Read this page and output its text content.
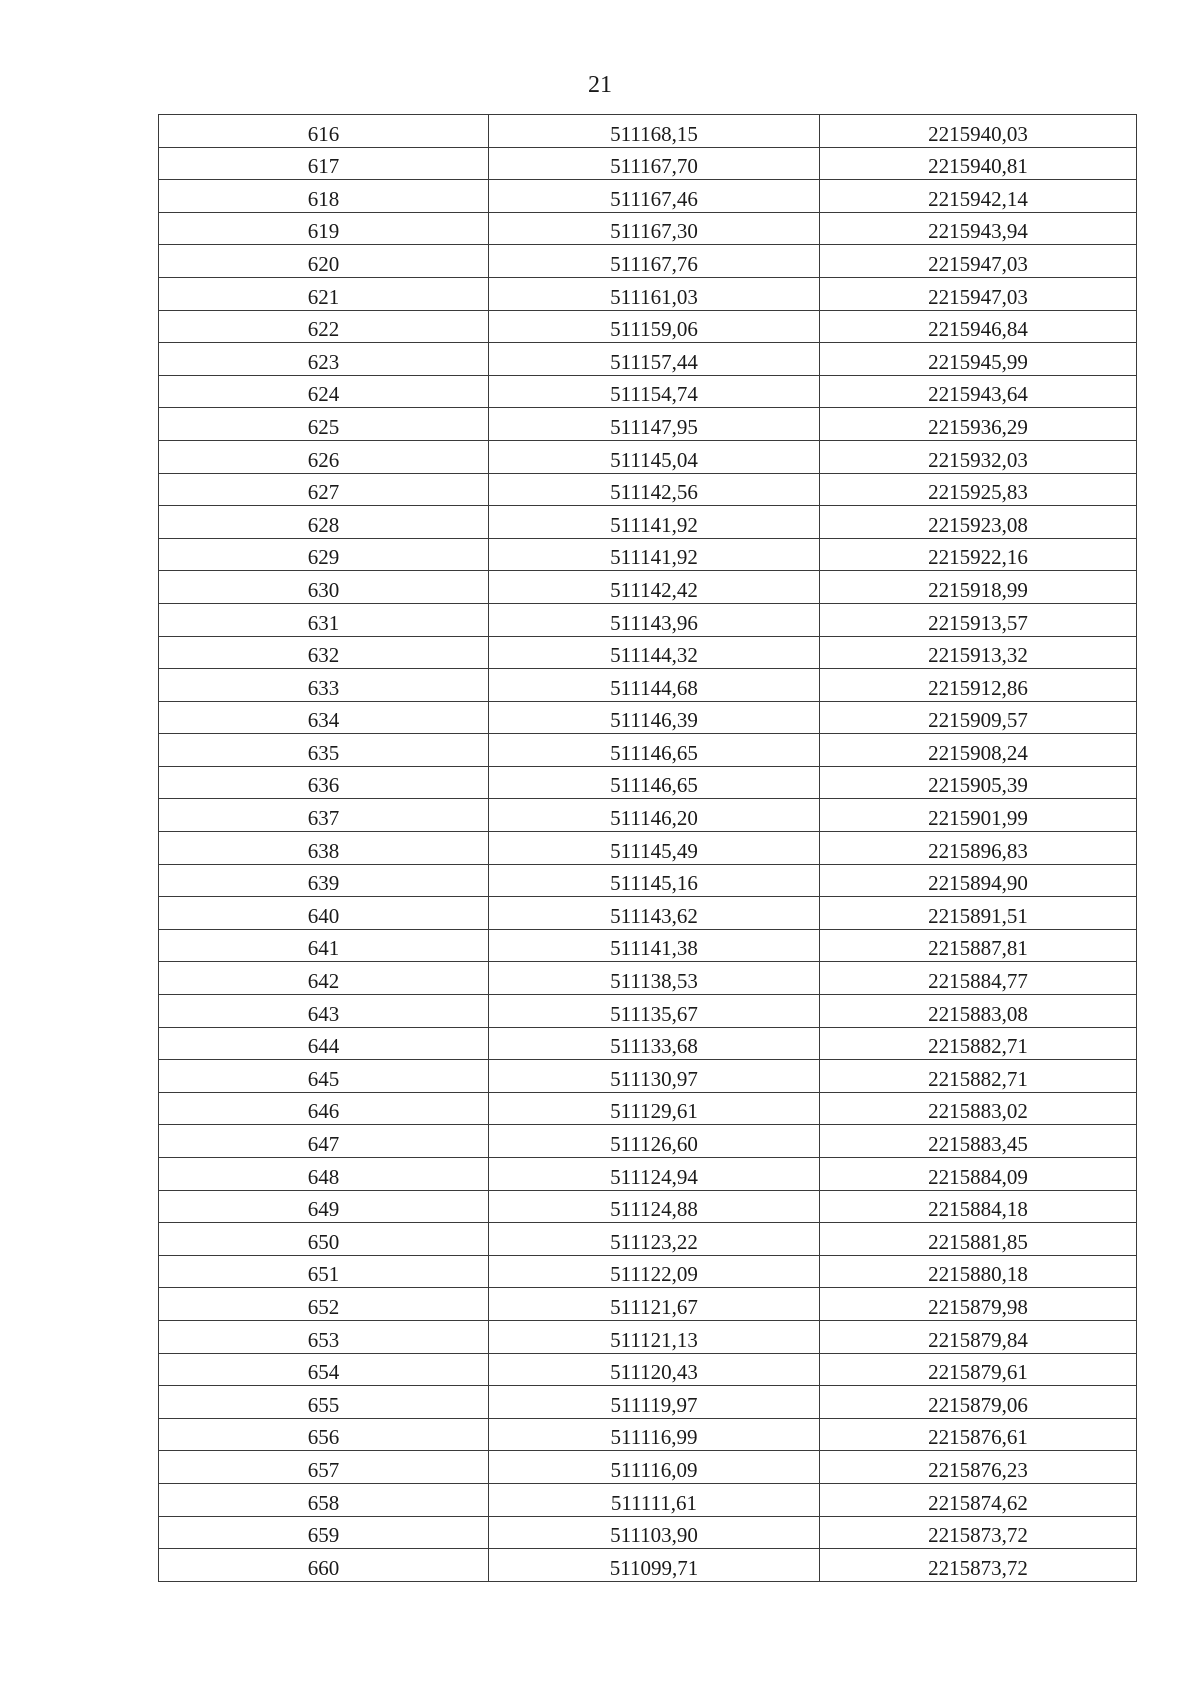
21
616	511168,15	2215940,03
617	511167,70	2215940,81
618	511167,46	2215942,14
619	511167,30	2215943,94
620	511167,76	2215947,03
621	511161,03	2215947,03
622	511159,06	2215946,84
623	511157,44	2215945,99
624	511154,74	2215943,64
625	511147,95	2215936,29
626	511145,04	2215932,03
627	511142,56	2215925,83
628	511141,92	2215923,08
629	511141,92	2215922,16
630	511142,42	2215918,99
631	511143,96	2215913,57
632	511144,32	2215913,32
633	511144,68	2215912,86
634	511146,39	2215909,57
635	511146,65	2215908,24
636	511146,65	2215905,39
637	511146,20	2215901,99
638	511145,49	2215896,83
639	511145,16	2215894,90
640	511143,62	2215891,51
641	511141,38	2215887,81
642	511138,53	2215884,77
643	511135,67	2215883,08
644	511133,68	2215882,71
645	511130,97	2215882,71
646	511129,61	2215883,02
647	511126,60	2215883,45
648	511124,94	2215884,09
649	511124,88	2215884,18
650	511123,22	2215881,85
651	511122,09	2215880,18
652	511121,67	2215879,98
653	511121,13	2215879,84
654	511120,43	2215879,61
655	511119,97	2215879,06
656	511116,99	2215876,61
657	511116,09	2215876,23
658	511111,61	2215874,62
659	511103,90	2215873,72
660	511099,71	2215873,72
